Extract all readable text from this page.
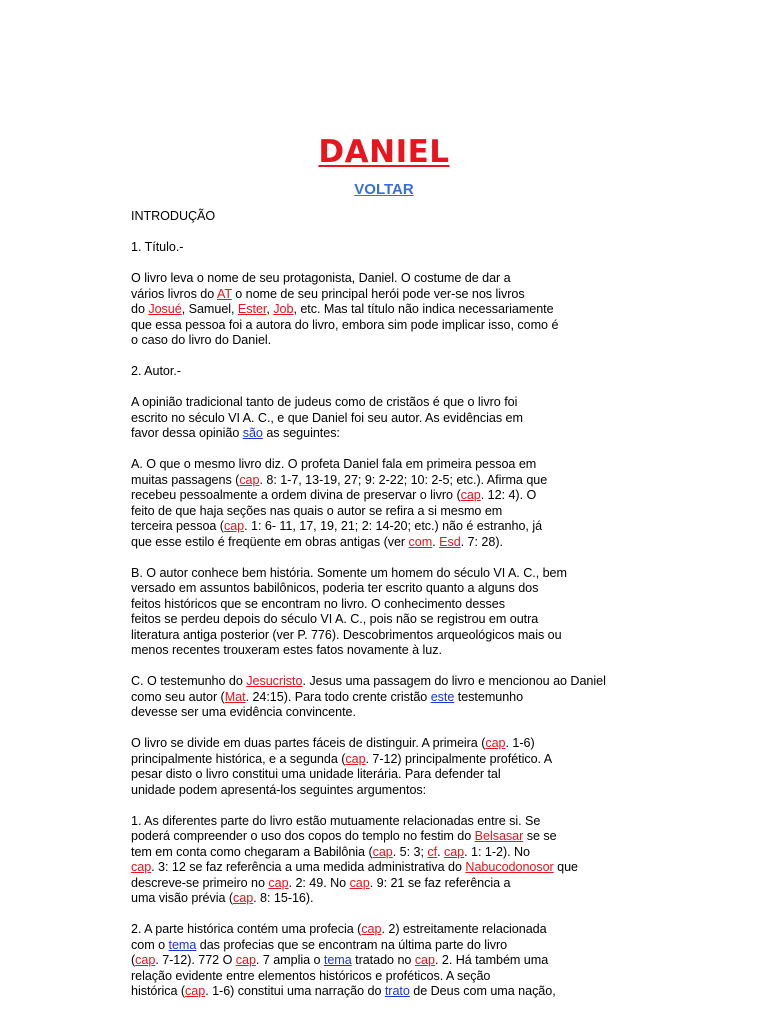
DANIEL
VOLTAR

INTRODUÇÃO

1. Título.-

O livro leva o nome de seu protagonista, Daniel. O costume de dar a
vários livros do AT o nome de seu principal herói pode ver-se nos livros
do Josué, Samuel, Ester, Job, etc. Mas tal título não indica necessariamente
que essa pessoa foi a autora do livro, embora sim pode implicar isso, como é
o caso do livro do Daniel.

2. Autor.-

A opinião tradicional tanto de judeus como de cristãos é que o livro foi
escrito no século VI A. C., e que Daniel foi seu autor. As evidências em
favor dessa opinião são as seguintes:

A. O que o mesmo livro diz. O profeta Daniel fala em primeira pessoa em
muitas passagens (cap. 8: 1-7, 13-19, 27; 9: 2-22; 10: 2-5; etc.). Afirma que
recebeu pessoalmente a ordem divina de preservar o livro (cap. 12: 4). O
feito de que haja seções nas quais o autor se refira a si mesmo em
terceira pessoa (cap. 1: 6- 11, 17, 19, 21; 2: 14-20; etc.) não é estranho, já
que esse estilo é freqüente em obras antigas (ver com. Esd. 7: 28).

B. O autor conhece bem história. Somente um homem do século VI A. C., bem
versado em assuntos babilônicos, poderia ter escrito quanto a alguns dos
feitos históricos que se encontram no livro. O conhecimento desses
feitos se perdeu depois do século VI A. C., pois não se registrou em outra
literatura antiga posterior (ver P. 776). Descobrimentos arqueológicos mais ou
menos recentes trouxeram estes fatos novamente à luz.

C. O testemunho do Jesucristo. Jesus uma passagem do livro e mencionou ao Daniel
como seu autor (Mat. 24:15). Para todo crente cristão este testemunho
devesse ser uma evidência convincente.

O livro se divide em duas partes fáceis de distinguir. A primeira (cap. 1-6)
principalmente histórica, e a segunda (cap. 7-12) principalmente profético. A
pesar disto o livro constitui uma unidade literária. Para defender tal
unidade podem apresentá-los seguintes argumentos:

1. As diferentes parte do livro estão mutuamente relacionadas entre si. Se
poderá compreender o uso dos copos do templo no festim do Belsasar se se
tem em conta como chegaram a Babilônia (cap. 5: 3; cf. cap. 1: 1-2). No
cap. 3: 12 se faz referência a uma medida administrativa do Nabucodonosor que
descreve-se primeiro no cap. 2: 49. No cap. 9: 21 se faz referência a
uma visão prévia (cap. 8: 15-16).

2. A parte histórica contém uma profecia (cap. 2) estreitamente relacionada
com o tema das profecias que se encontram na última parte do livro
(cap. 7-12). 772 O cap. 7 amplia o tema tratado no cap. 2. Há também uma
relação evidente entre elementos históricos e proféticos. A seção
histórica (cap. 1-6) constitui uma narração do trato de Deus com uma nação,
